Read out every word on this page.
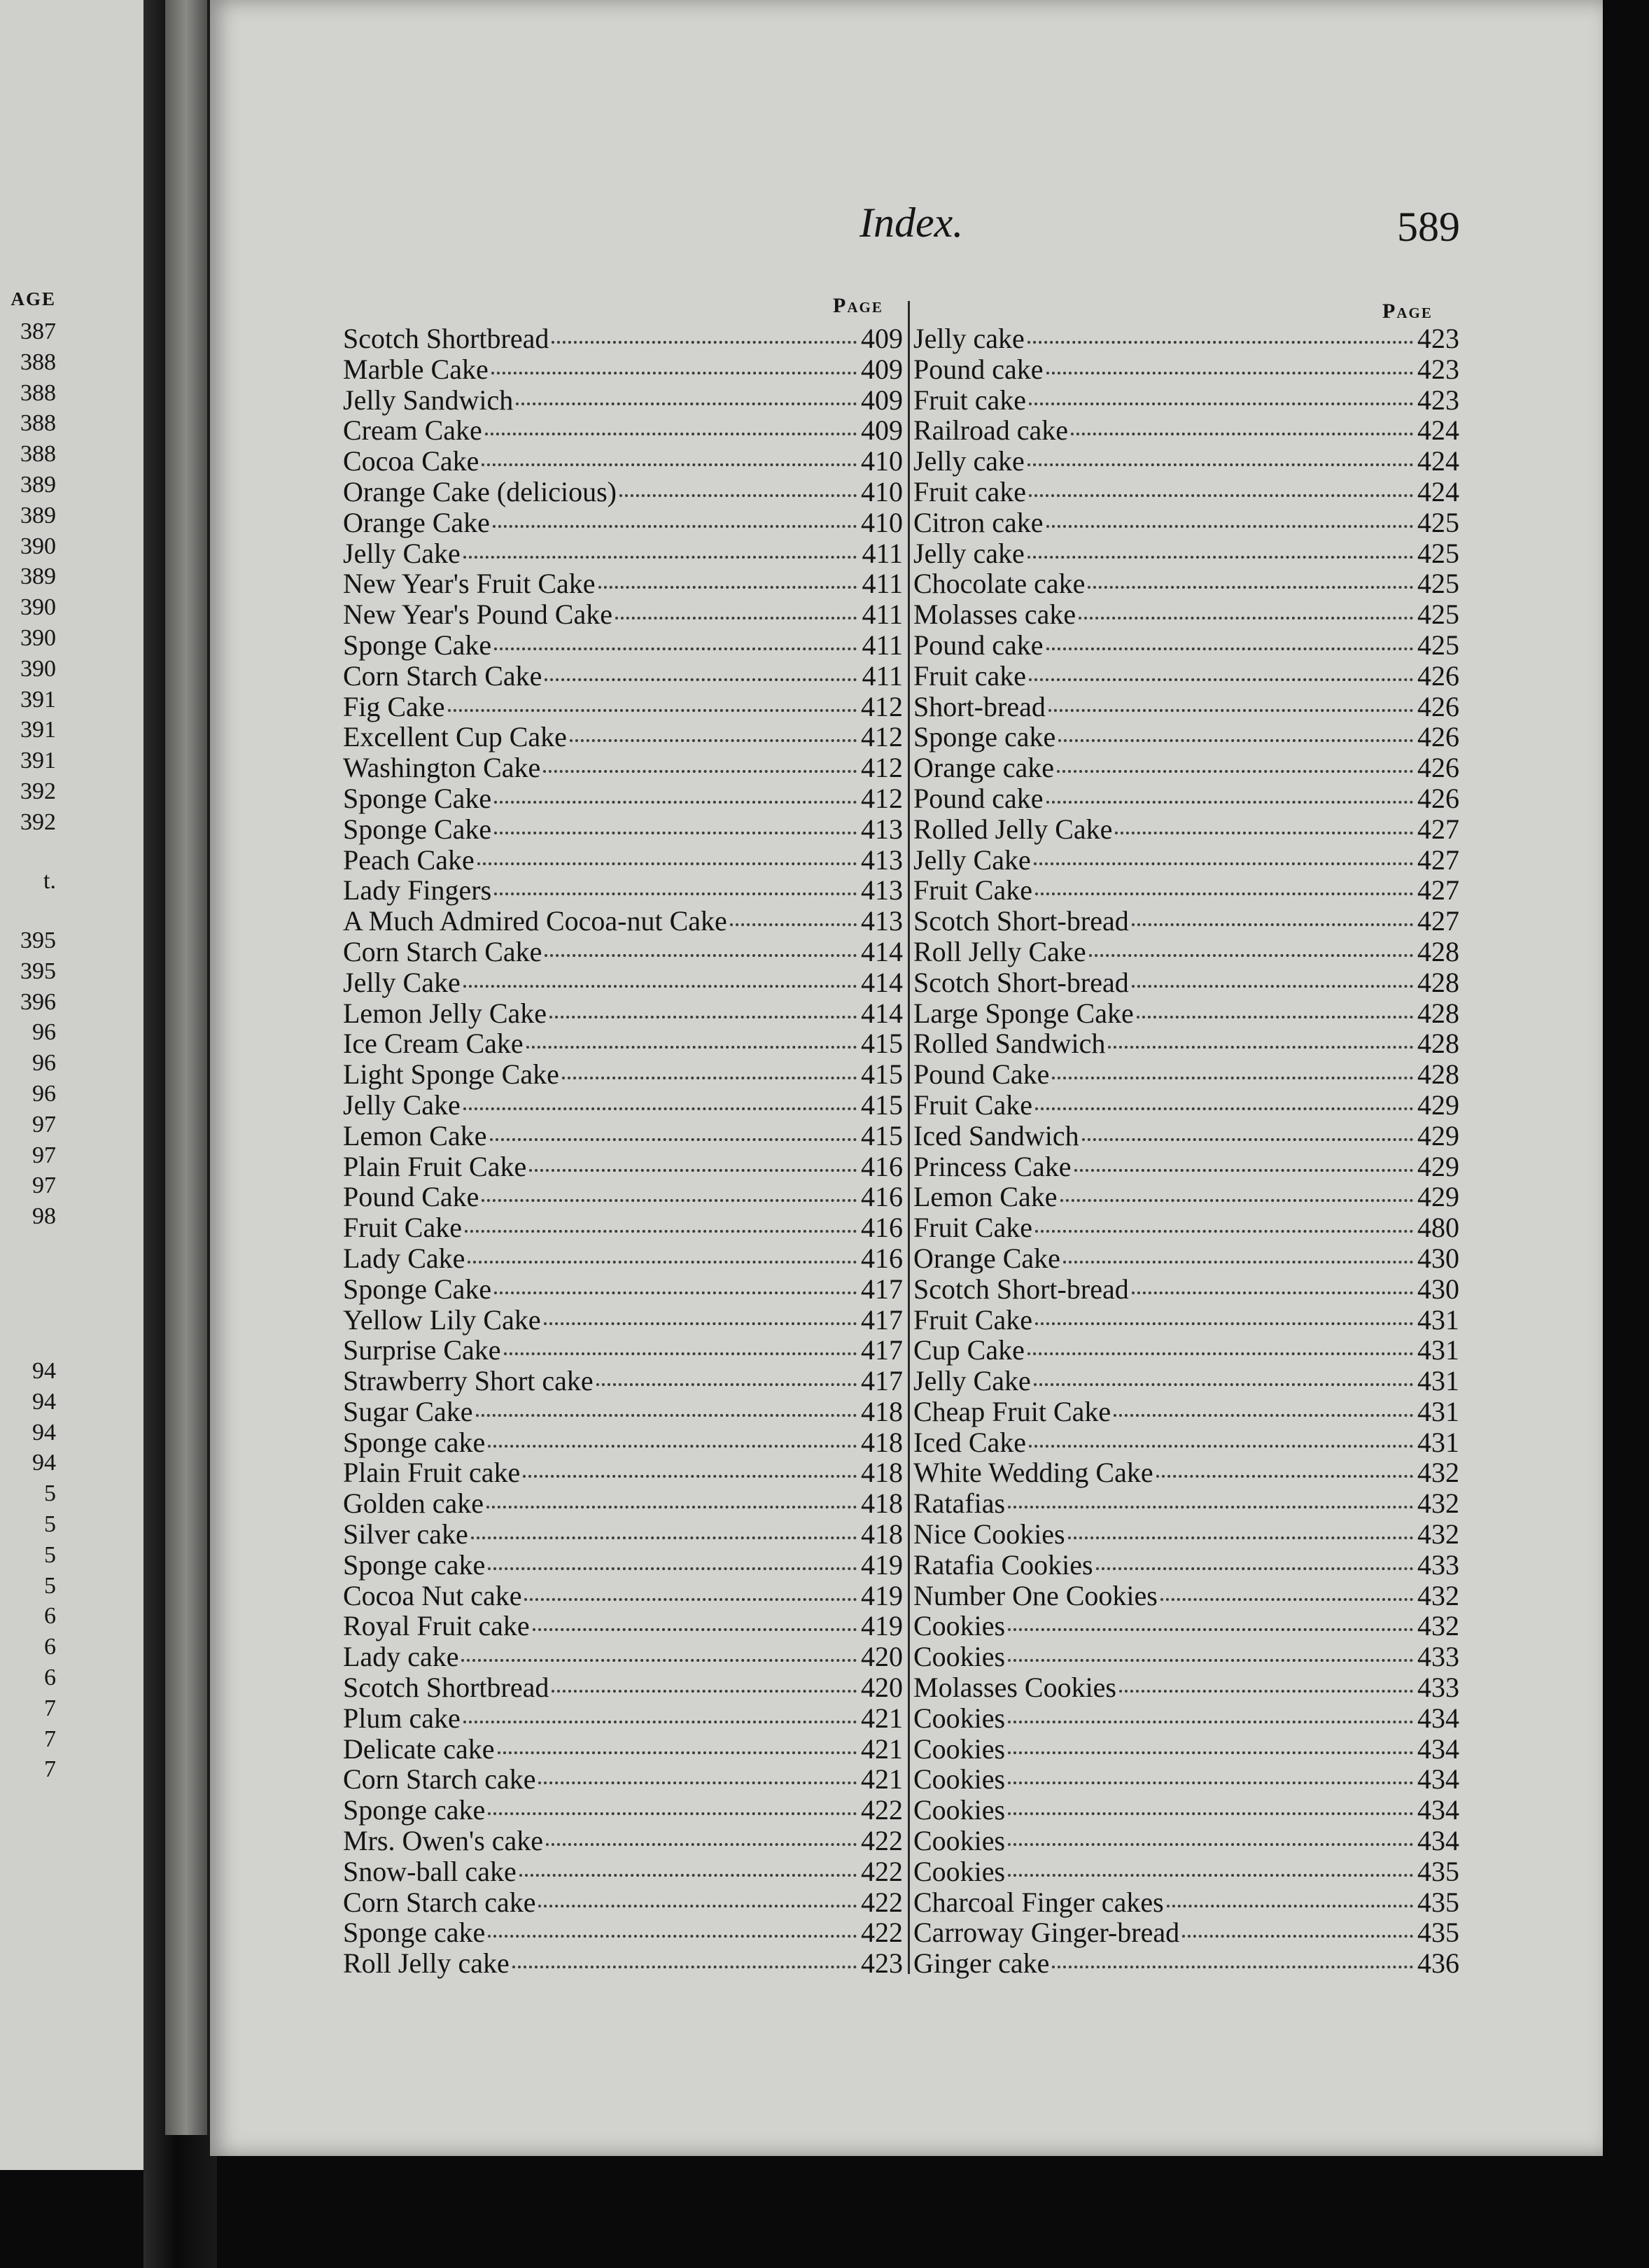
AGE
387
388
388
388
388
389
389
390
389
390
390
390
391
391
391
392
392
395
395
396
96
96
96
97
97
97
98
94
94
94
94
5
5
5
5
6
6
6
7
7
7
t.
Index.	589
Page	Page
Scotch Shortbread	409
Marble Cake	409
Jelly Sandwich	409
Cream Cake	409
Cocoa Cake	410
Orange Cake (delicious)	410
Orange Cake	410
Jelly Cake	411
New Year's Fruit Cake	411
New Year's Pound Cake	411
Sponge Cake	411
Corn Starch Cake	411
Fig Cake	412
Excellent Cup Cake	412
Washington Cake	412
Sponge Cake	412
Sponge Cake	413
Peach Cake	413
Lady Fingers	413
A Much Admired Cocoa-nut Cake	413
Corn Starch Cake	414
Jelly Cake	414
Lemon Jelly Cake	414
Ice Cream Cake	415
Light Sponge Cake	415
Jelly Cake	415
Lemon Cake	415
Plain Fruit Cake	416
Pound Cake	416
Fruit Cake	416
Lady Cake	416
Sponge Cake	417
Yellow Lily Cake	417
Surprise Cake	417
Strawberry Short cake	417
Sugar Cake	418
Sponge cake	418
Plain Fruit cake	418
Golden cake	418
Silver cake	418
Sponge cake	419
Cocoa Nut cake	419
Royal Fruit cake	419
Lady cake	420
Scotch Shortbread	420
Plum cake	421
Delicate cake	421
Corn Starch cake	421
Sponge cake	422
Mrs. Owen's cake	422
Snow-ball cake	422
Corn Starch cake	422
Sponge cake	422
Roll Jelly cake	423
Jelly cake	423
Pound cake	423
Fruit cake	423
Railroad cake	424
Jelly cake	424
Fruit cake	424
Citron cake	425
Jelly cake	425
Chocolate cake	425
Molasses cake	425
Pound cake	425
Fruit cake	426
Short-bread	426
Sponge cake	426
Orange cake	426
Pound cake	426
Rolled Jelly Cake	427
Jelly Cake	427
Fruit Cake	427
Scotch Short-bread	427
Roll Jelly Cake	428
Scotch Short-bread	428
Large Sponge Cake	428
Rolled Sandwich	428
Pound Cake	428
Fruit Cake	429
Iced Sandwich	429
Princess Cake	429
Lemon Cake	429
Fruit Cake	480
Orange Cake	430
Scotch Short-bread	430
Fruit Cake	431
Cup Cake	431
Jelly Cake	431
Cheap Fruit Cake	431
Iced Cake	431
White Wedding Cake	432
Ratafias	432
Nice Cookies	432
Ratafia Cookies	433
Number One Cookies	432
Cookies	432
Cookies	433
Molasses Cookies	433
Cookies	434
Cookies	434
Cookies	434
Cookies	434
Cookies	434
Cookies	435
Charcoal Finger cakes	435
Carroway Ginger-bread	435
Ginger cake	436
